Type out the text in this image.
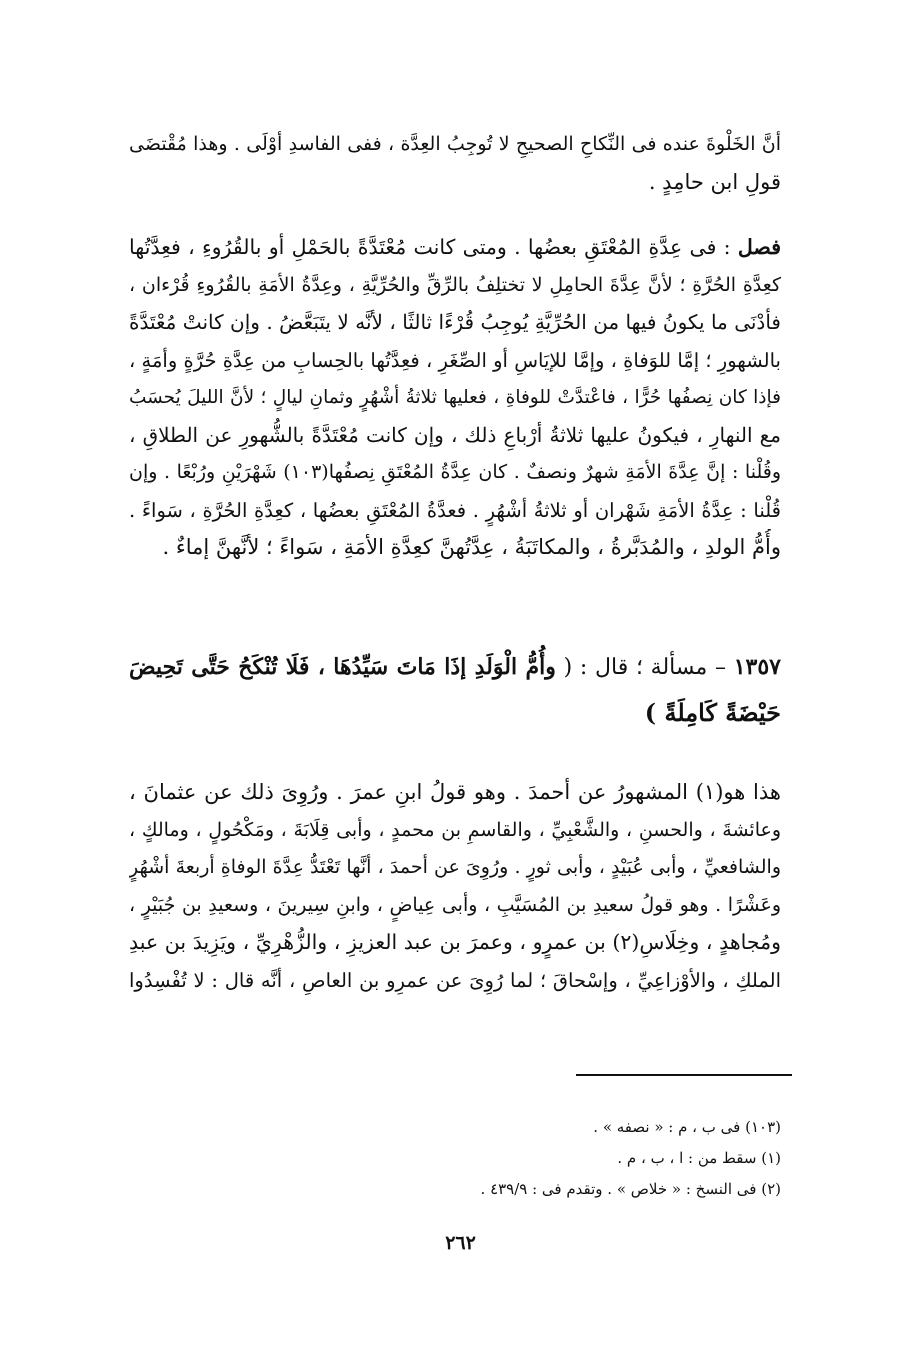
أنَّ الخَلْوةَ عنده فى النِّكاحِ الصحيحِ لا تُوجِبُ العِدَّة ، ففى الفاسدِ أوْلَى . وهذا مُقْتضَى
قولِ ابن حامِدٍ .
فصل : فى عِدَّةِ المُعْتَقِ بعضُها . ومتى كانت مُعْتَدَّةً بالحَمْلِ أو بالقُرُوءِ ، فعِدَّتُها
كعِدَّةِ الحُرَّةِ ؛ لأنَّ عِدَّةَ الحامِلِ لا تختلِفُ بالرِّقِّ والحُرِّيَّةِ ، وعِدَّةُ الأمَةِ بالقُرُوءِ قُرْءان ،
فأدْنَى ما يكونُ فيها من الحُرِّيَّةِ يُوجِبُ قُرْءًا ثالثًا ، لأنَّه لا يتَبَعَّضُ . وإن كانتْ مُعْتَدَّةً
بالشهورِ ؛ إمَّا للوَفاةِ ، وإمَّا للإيَاسِ أو الصِّغَرِ ، فعِدَّتُها بالحِسابِ من عِدَّةِ حُرَّةٍ وأمَةٍ ،
فإذا كان نِصفُها حُرًّا ، فاعْتدَّتْ للوفاةِ ، فعليها ثلاثةُ أشْهُرٍ وثمانِ ليالٍ ؛ لأنَّ الليلَ يُحسَبُ
مع النهارِ ، فيكونُ عليها ثلاثةُ أرْباعِ ذلك ، وإن كانت مُعْتَدَّةً بالشُّهورِ عن الطلاقِ ،
وقُلْنا : إنَّ عِدَّةَ الأمَةِ شهرٌ ونصفٌ . كان عِدَّةُ المُعْتَقِ نِصفُها(١٠٣) شَهْرَيْنِ ورُبْعًا . وإن
قُلْنا : عِدَّةُ الأمَةِ شَهْران أو ثلاثةُ أشْهُرٍ . فعدَّةُ المُعْتَقِ بعضُها ، كعِدَّةِ الحُرَّةِ ، سَواءً .
وأُمُّ الولدِ ، والمُدَبَّرةُ ، والمكاتَبَةُ ، عِدَّتُهنَّ كعِدَّةِ الأمَةِ ، سَواءً ؛ لأنَّهنَّ إماءٌ .
١٣٥٧ – مسألة ؛ قال : ( وأُمُّ الْوَلَدِ إذَا مَاتَ سَيِّدُهَا ، فَلَا تُنْكَحُ حَتَّى تَحِيضَ
حَيْضَةً كَامِلَةً )
هذا هو(١) المشهورُ عن أحمدَ . وهو قولُ ابنِ عمرَ . ورُوِىَ ذلك عن عثمانَ ،
وعائشةَ ، والحسنِ ، والشَّعْبِيِّ ، والقاسمِ بن محمدٍ ، وأبى قِلَابَةَ ، ومَكْحُولٍ ، ومالكٍ ،
والشافعيِّ ، وأبى عُبَيْدٍ ، وأبى ثورٍ . ورُوِىَ عن أحمدَ ، أنَّها تَعْتَدُّ عِدَّةَ الوفاةِ أربعةَ أشْهُرٍ
وعَشْرًا . وهو قولُ سعيدِ بن المُسَيَّبِ ، وأبى عِياضٍ ، وابنِ سِيرينَ ، وسعيدِ بن جُبَيْرٍ ،
ومُجاهدٍ ، وخِلَاسِ(٢) بن عمرٍو ، وعمرَ بن عبد العزيزِ ، والزُّهْرِيِّ ، ويَزِيدَ بن عبدِ
الملكِ ، والأوْزاعِيِّ ، وإسْحاقَ ؛ لما رُوِىَ عن عمرِو بن العاصِ ، أنَّه قال : لا تُفْسِدُوا
(١٠٣) فى ب ، م : « نصفه » .
(١) سقط من : ا ، ب ، م .
(٢) فى النسخ : « خلاص » . وتقدم فى : ٤٣٩/٩ .
٢٦٢
